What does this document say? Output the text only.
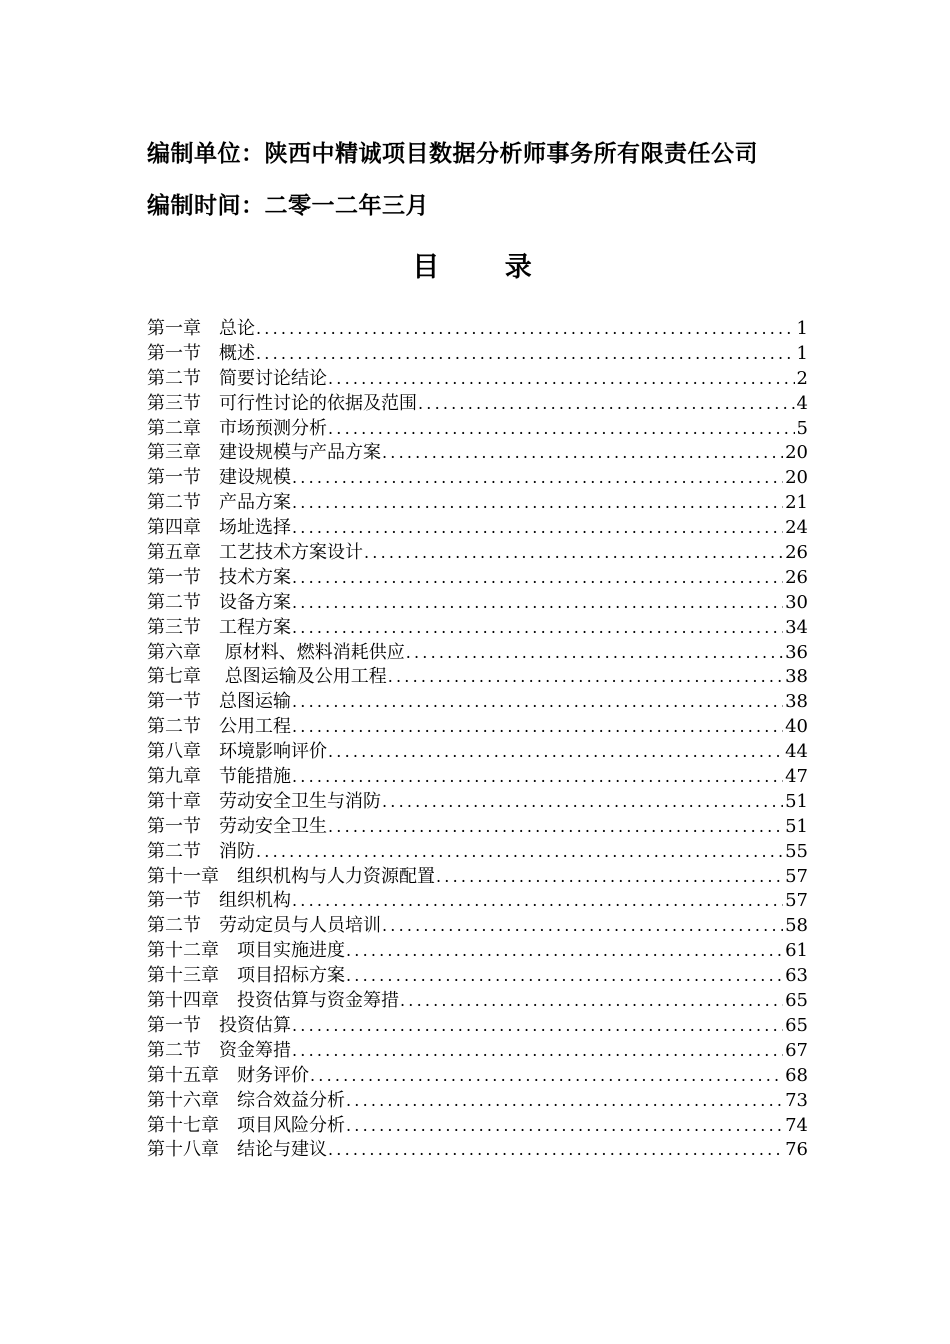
编制单位：陕西中精诚项目数据分析师事务所有限责任公司
编制时间：二零一二年三月
目 录
第一章　总论 .....	1
第一节　概述 .....	1
第二节　简要讨论结论 .....	2
第三节　可行性讨论的依据及范围 .....	4
第二章　市场预测分析 .....	5
第三章　建设规模与产品方案 .....	20
第一节　建设规模 .....	20
第二节　产品方案 .....	21
第四章　场址选择 .....	24
第五章　工艺技术方案设计 .....	26
第一节　技术方案 .....	26
第二节　设备方案 .....	30
第三节　工程方案 .....	34
第六章　 原材料、燃料消耗供应 .....	36
第七章　 总图运输及公用工程 .....	38
第一节　总图运输 .....	38
第二节　公用工程 .....	40
第八章　环境影响评价 .....	44
第九章　节能措施 .....	47
第十章　劳动安全卫生与消防 .....	51
第一节　劳动安全卫生 .....	51
第二节　消防 .....	55
第十一章　组织机构与人力资源配置 .....	57
第一节　组织机构 .....	57
第二节　劳动定员与人员培训 .....	58
第十二章　项目实施进度 .....	61
第十三章　项目招标方案 .....	63
第十四章　投资估算与资金筹措 .....	65
第一节　投资估算 .....	65
第二节　资金筹措 .....	67
第十五章　财务评价 .....	68
第十六章　综合效益分析 .....	73
第十七章　项目风险分析 .....	74
第十八章　结论与建议 .....	76
